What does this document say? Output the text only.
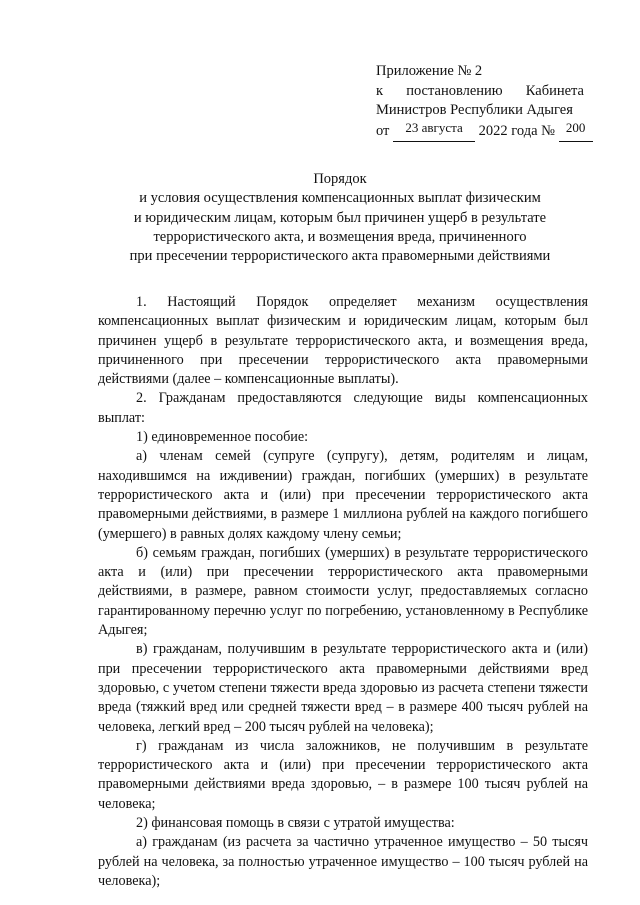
Приложение № 2
к постановлению Кабинета
Министров Республики Адыгея
от 23 августа 2022 года № 200
Порядок
и условия осуществления компенсационных выплат физическим
и юридическим лицам, которым был причинен ущерб в результате
террористического акта, и возмещения вреда, причиненного
при пресечении террористического акта правомерными действиями

1. Настоящий Порядок определяет механизм осуществления компенсационных выплат физическим и юридическим лицам, которым был причинен ущерб в результате террористического акта, и возмещения вреда, причиненного при пресечении террористического акта правомерными действиями (далее – компенсационные выплаты).

2. Гражданам предоставляются следующие виды компенсационных выплат:

1) единовременное пособие:

а) членам семей (супруге (супругу), детям, родителям и лицам, находившимся на иждивении) граждан, погибших (умерших) в результате террористического акта и (или) при пресечении террористического акта правомерными действиями, в размере 1 миллиона рублей на каждого погибшего (умершего) в равных долях каждому члену семьи;

б) семьям граждан, погибших (умерших) в результате террористического акта и (или) при пресечении террористического акта правомерными действиями, в размере, равном стоимости услуг, предоставляемых согласно гарантированному перечню услуг по погребению, установленному в Республике Адыгея;

в) гражданам, получившим в результате террористического акта и (или) при пресечении террористического акта правомерными действиями вред здоровью, с учетом степени тяжести вреда здоровью из расчета степени тяжести вреда (тяжкий вред или средней тяжести вред – в размере 400 тысяч рублей на человека, легкий вред – 200 тысяч рублей на человека);

г) гражданам из числа заложников, не получившим в результате террористического акта и (или) при пресечении террористического акта правомерными действиями вреда здоровью, – в размере 100 тысяч рублей на человека;

2) финансовая помощь в связи с утратой имущества:

а) гражданам (из расчета за частично утраченное имущество – 50 тысяч рублей на человека, за полностью утраченное имущество – 100 тысяч рублей на человека);
